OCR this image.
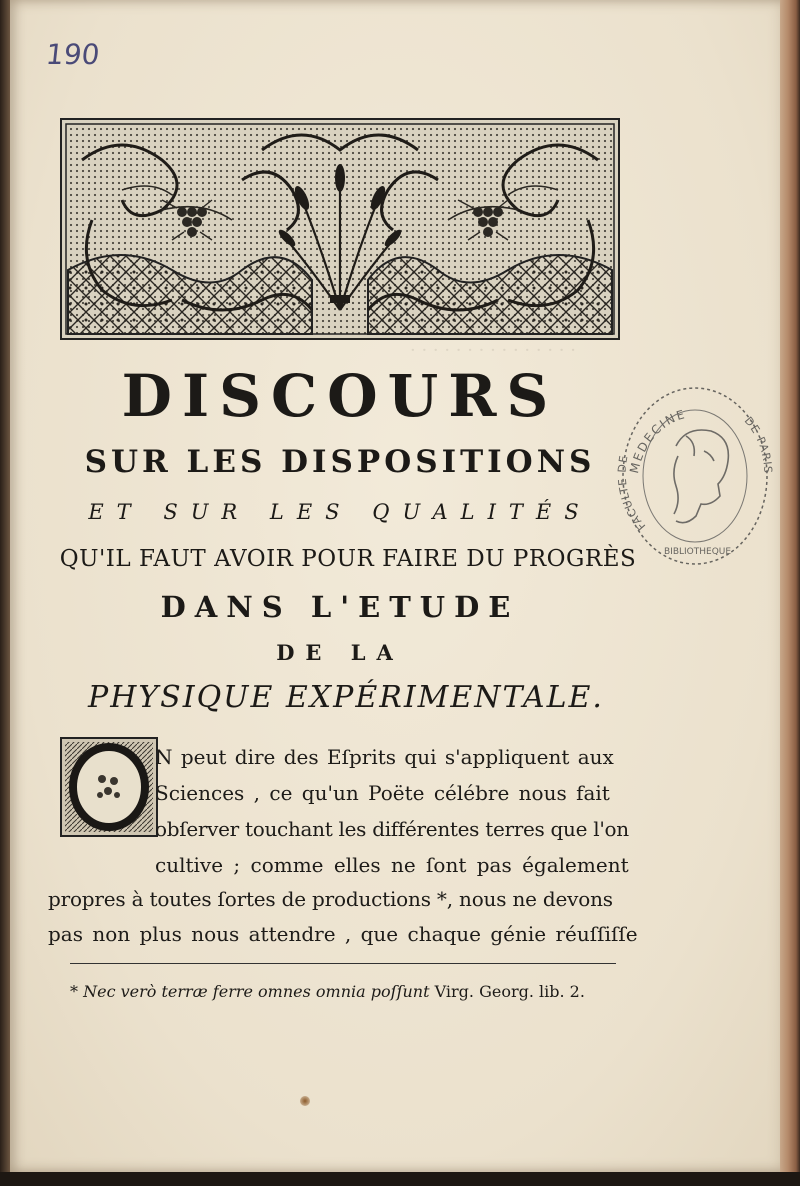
190
· · · · · · · · · · · · · · ·
MEDECINE
FACULTE DE
DE PARIS
BIBLIOTHEQUE
DISCOURS
SUR LES DISPOSITIONS
ET SUR LES QUALITÉS
QU'IL FAUT AVOIR POUR FAIRE DU PROGRÈS
DANS L'ETUDE
DE LA
PHYSIQUE EXPÉRIMENTALE.
O
N peut dire des Eſprits qui s'appliquent aux
Sciences , ce qu'un Poëte célébre nous fait
obſerver touchant les différentes terres que l'on
cultive ; comme elles ne ſont pas également
propres à toutes ſortes de productions *, nous ne devons
pas non plus nous attendre , que chaque génie réuſſiſſe
* Nec verò terræ ferre omnes omnia poſſunt Virg. Georg. lib. 2.
